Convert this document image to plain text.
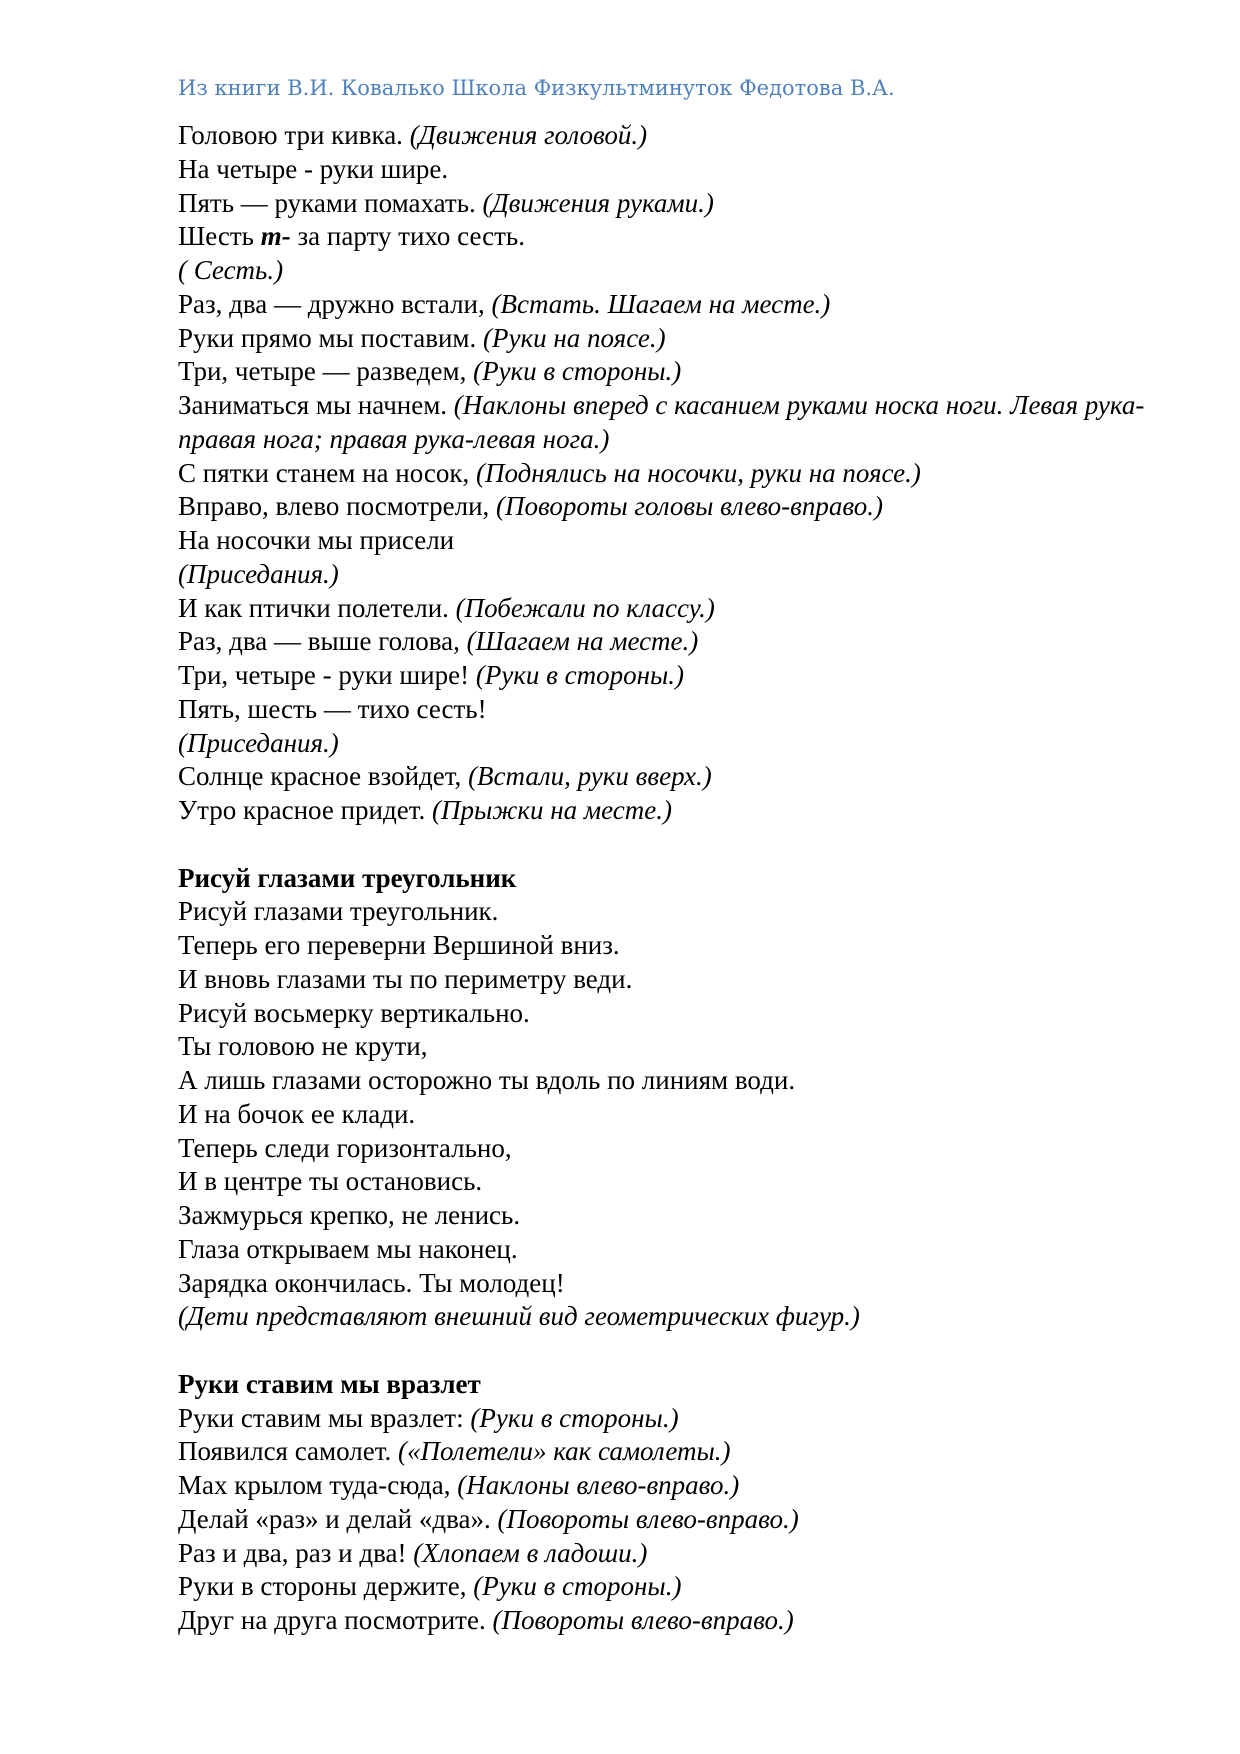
Из книги В.И. Ковалько Школа Физкультминуток Федотова В.А.
Головою три кивка. (Движения головой.)
На четыре - руки шире.
Пять — руками помахать. (Движения руками.)
Шесть т- за парту тихо сесть.
( Сесть.)
Раз, два — дружно встали, (Встать. Шагаем на месте.)
Руки прямо мы поставим. (Руки на поясе.)
Три, четыре — разведем, (Руки в стороны.)
Заниматься мы начнем. (Наклоны вперед с касанием руками носка ноги. Левая рука-правая нога; правая рука-левая нога.)
С пятки станем на носок, (Поднялись на носочки, руки на поясе.)
Вправо, влево посмотрели, (Повороты головы влево-вправо.)
На носочки мы присели
(Приседания.)
И как птички полетели. (Побежали по классу.)
Раз, два — выше голова, (Шагаем на месте.)
Три, четыре - руки шире! (Руки в стороны.)
Пять, шесть — тихо сесть!
(Приседания.)
Солнце красное взойдет, (Встали, руки вверх.)
Утро красное придет. (Прыжки на месте.)
Рисуй глазами треугольник
Рисуй глазами треугольник.
Теперь его переверни Вершиной вниз.
И вновь глазами ты по периметру веди.
Рисуй восьмерку вертикально.
Ты головою не крути,
А лишь глазами осторожно ты вдоль по линиям води.
И на бочок ее клади.
Теперь следи горизонтально,
И в центре ты остановись.
Зажмурься крепко, не ленись.
Глаза открываем мы наконец.
Зарядка окончилась. Ты молодец!
(Дети представляют внешний вид геометрических фигур.)
Руки ставим мы вразлет
Руки ставим мы вразлет: (Руки в стороны.)
Появился самолет. («Полетели» как самолеты.)
Мах крылом туда-сюда, (Наклоны влево-вправо.)
Делай «раз» и делай «два». (Повороты влево-вправо.)
Раз и два, раз и два! (Хлопаем в ладоши.)
Руки в стороны держите, (Руки в стороны.)
Друг на друга посмотрите. (Повороты влево-вправо.)
